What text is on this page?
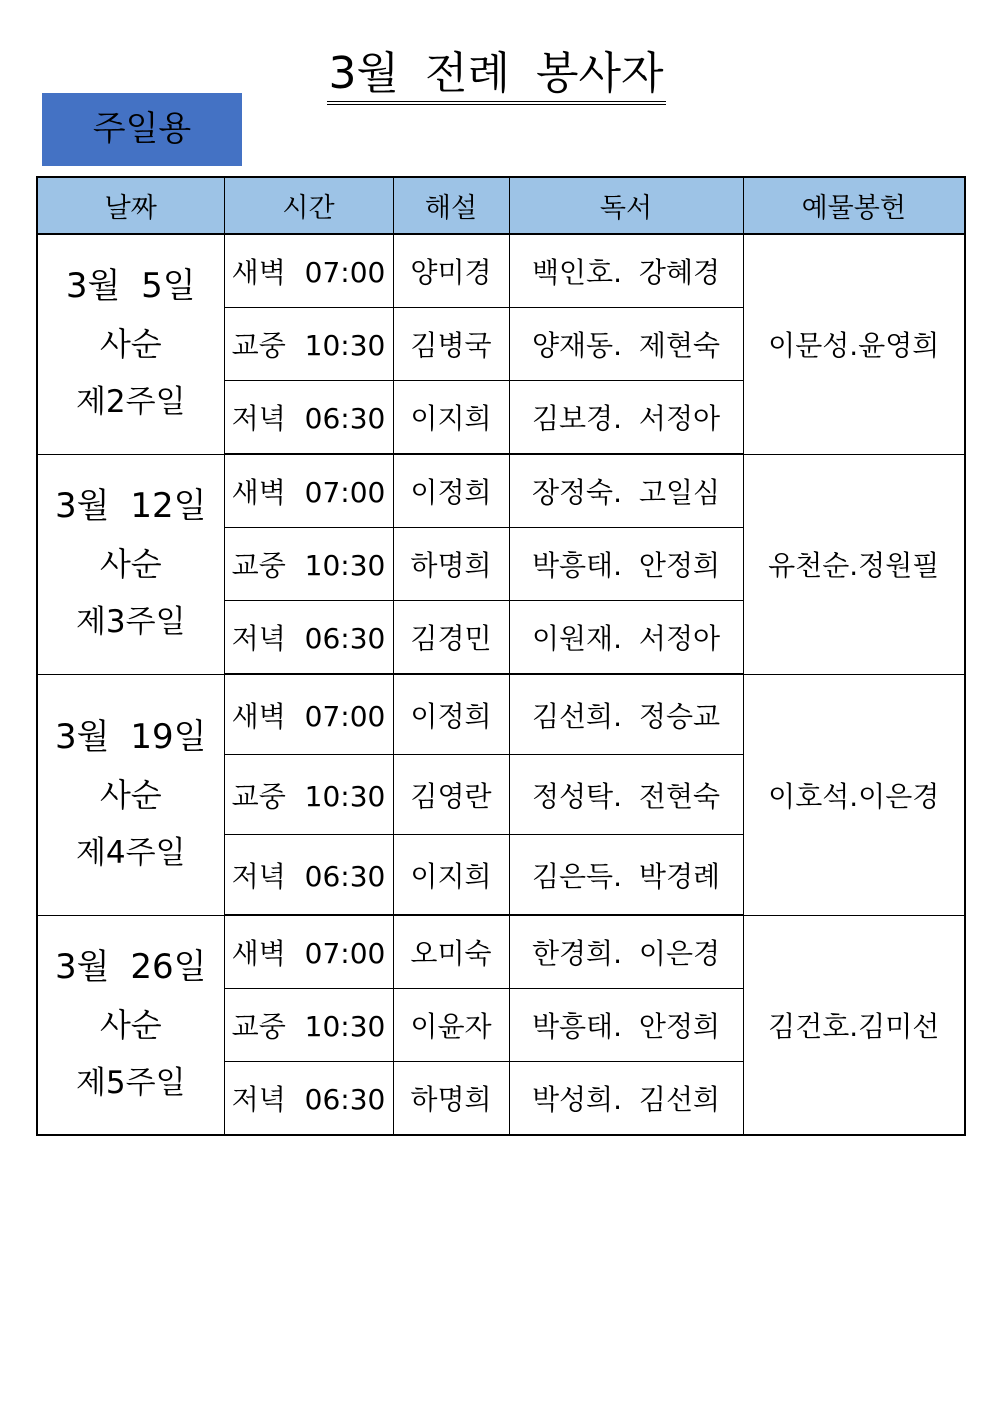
3월 전례 봉사자
주일용
날짜	시간	해설	독서	예물봉헌

3월 5일
사순
제2주일	새벽 07:00	양미경	백인호. 강혜경	이문성.윤영희
	교중 10:30	김병국	양재동. 제현숙	
	저녁 06:30	이지희	김보경. 서정아	

3월 12일
사순
제3주일	새벽 07:00	이정희	장정숙. 고일심	유천순.정원필
	교중 10:30	하명희	박흥태. 안정희	
	저녁 06:30	김경민	이원재. 서정아	

3월 19일
사순
제4주일	새벽 07:00	이정희	김선희. 정승교	이호석.이은경
	교중 10:30	김영란	정성탁. 전현숙	
	저녁 06:30	이지희	김은득. 박경례	

3월 26일
사순
제5주일	새벽 07:00	오미숙	한경희. 이은경	김건호.김미선
	교중 10:30	이윤자	박흥태. 안정희	
	저녁 06:30	하명희	박성희. 김선희	
